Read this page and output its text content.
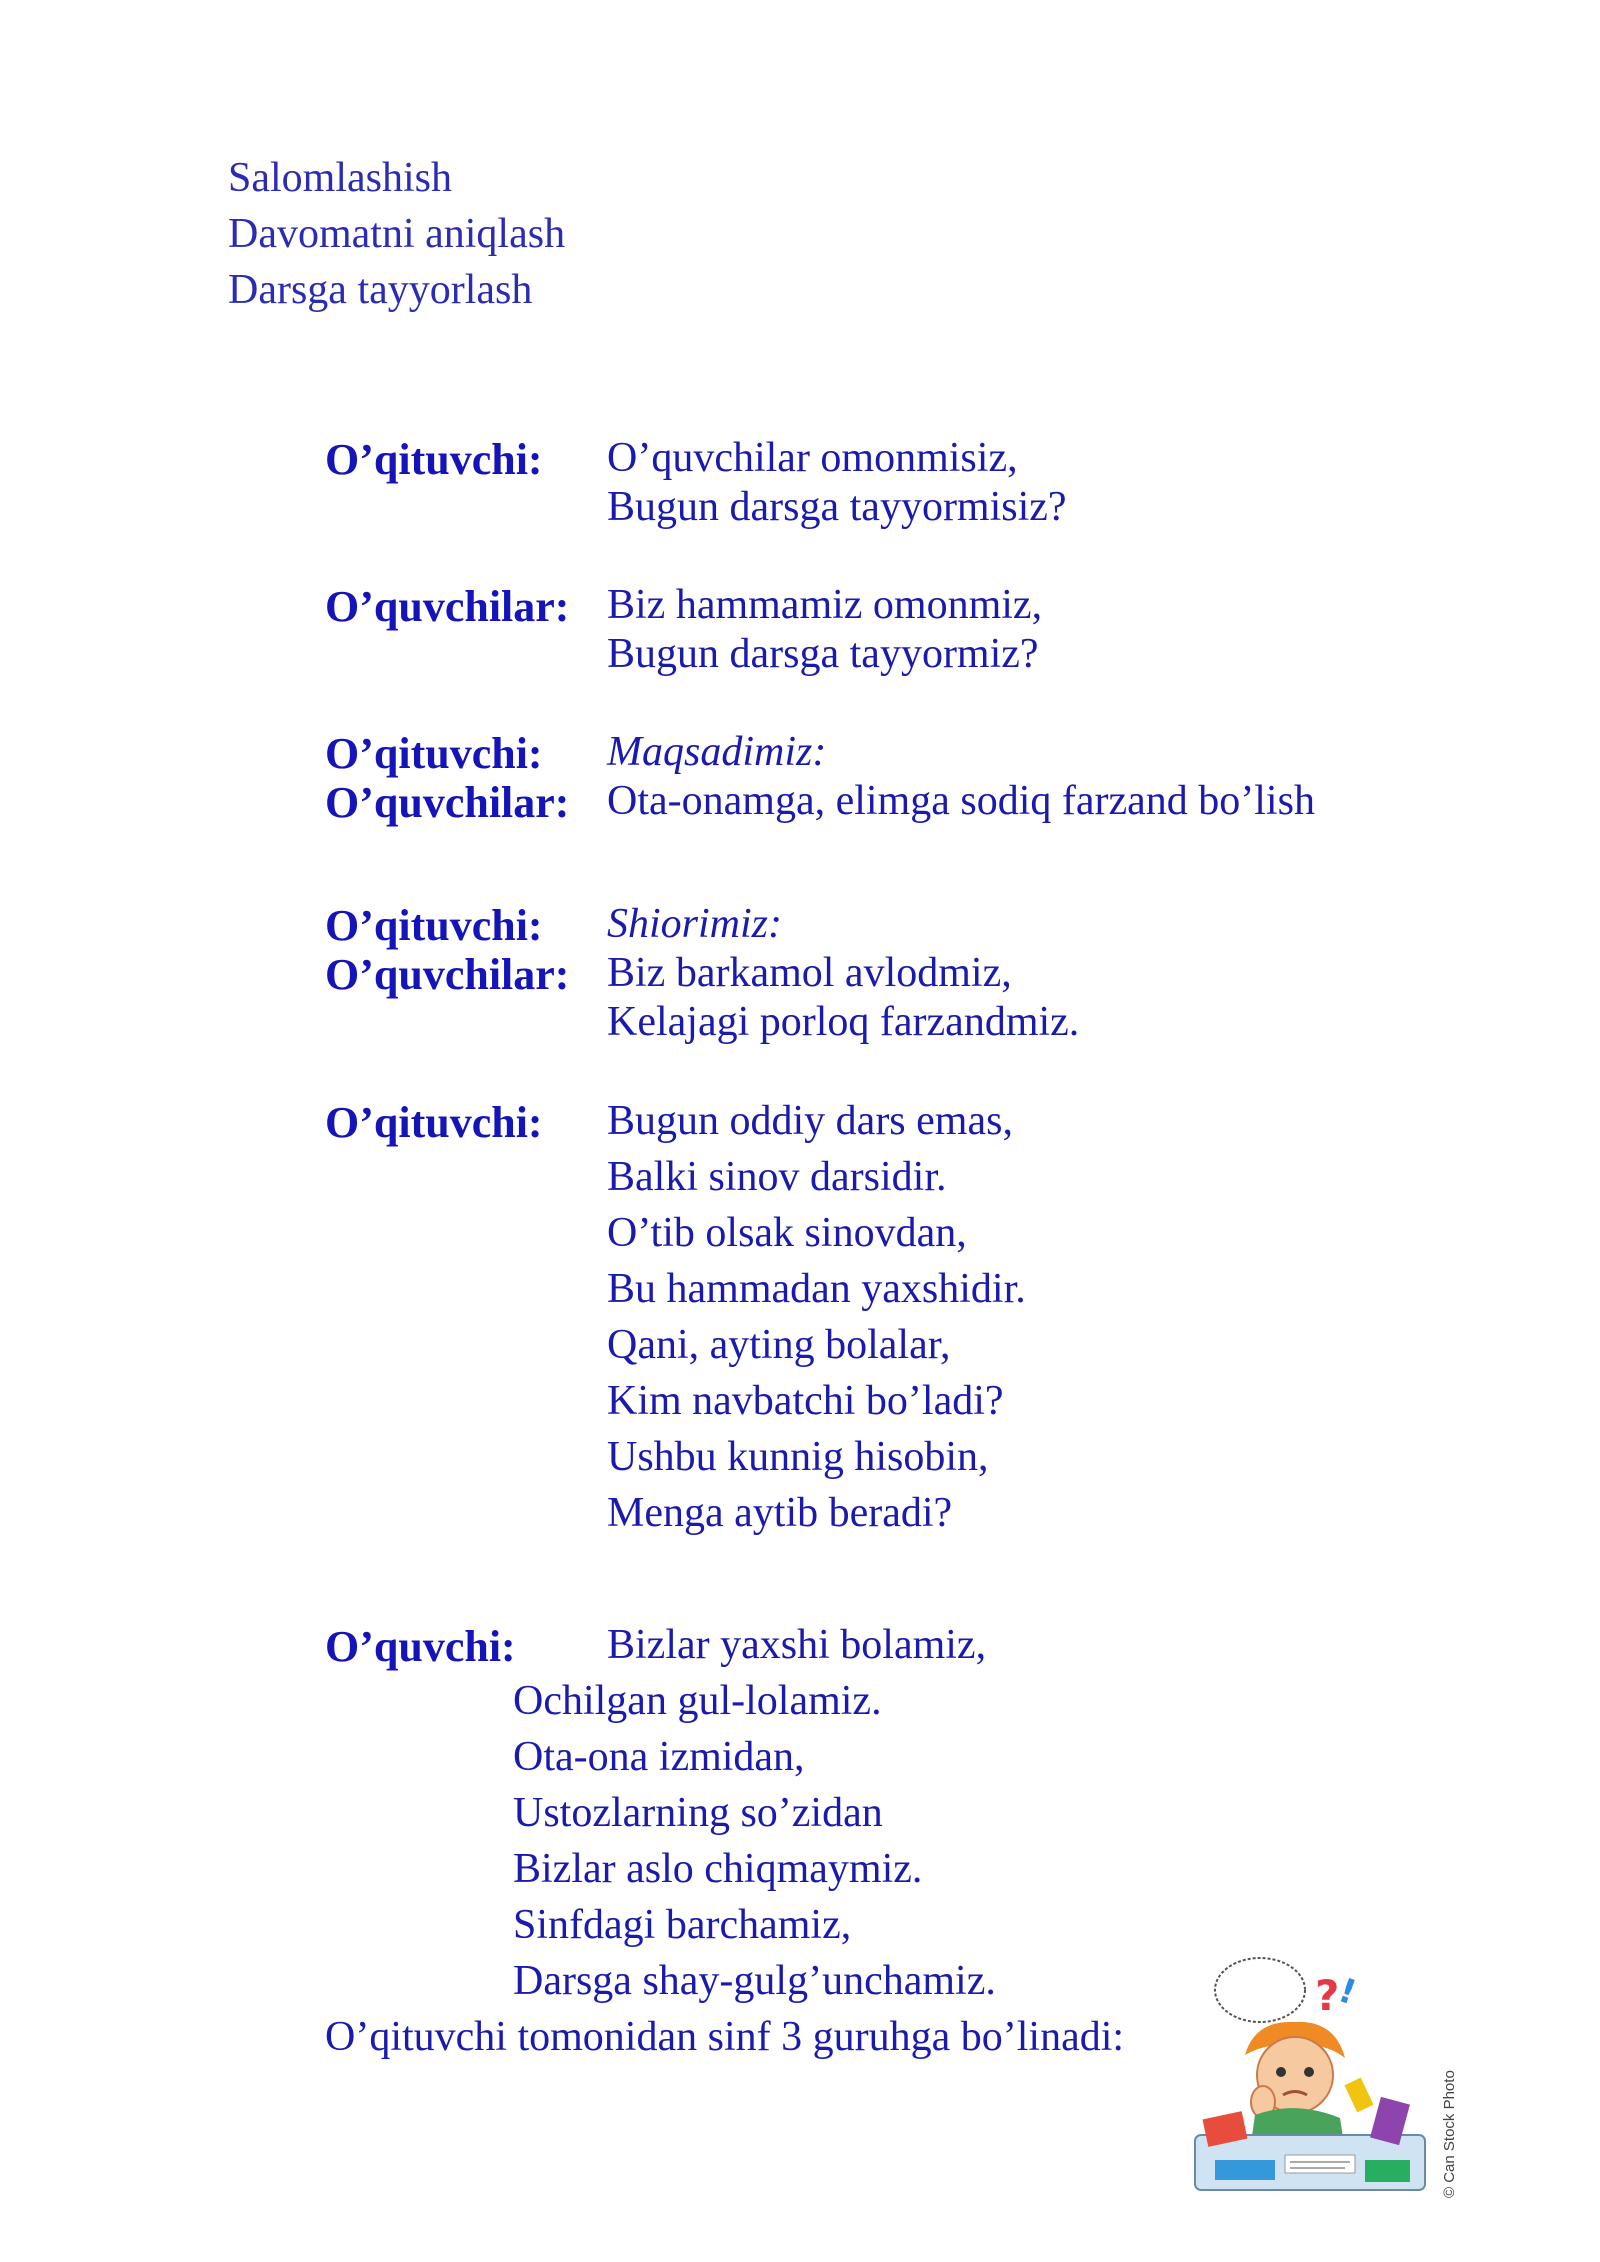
Salomlashish
Davomatni aniqlash
Darsga tayyorlash
O’qituvchi: O’quvchilar omonmisiz,
Bugun darsga tayyormisiz?
O’quvchilar: Biz hammamiz omonmiz,
Bugun darsga tayyormiz?
O’qituvchi: Maqsadimiz:
O’quvchilar: Ota-onamga, elimga sodiq farzand bo’lish
O’qituvchi: Shiorimiz:
O’quvchilar: Biz barkamol avlodmiz,
Kelajagi porloq farzandmiz.
O’qituvchi: Bugun oddiy dars emas,
Balki sinov darsidir.
O’tib olsak sinovdan,
Bu hammadan yaxshidir.
Qani, ayting bolalar,
Kim navbatchi bo’ladi?
Ushbu kunnig hisobin,
Menga aytib beradi?
O’quvchi: Bizlar yaxshi bolamiz,
Ochilgan gul-lolamiz.
Ota-ona izmidan,
Ustozlarning so’zidan
Bizlar aslo chiqmaymiz.
Sinfdagi barchamiz,
Darsga shay-gulg’unchamiz.
O’qituvchi tomonidan sinf 3 guruhga bo’linadi:
?
!
© Can Stock Photo
